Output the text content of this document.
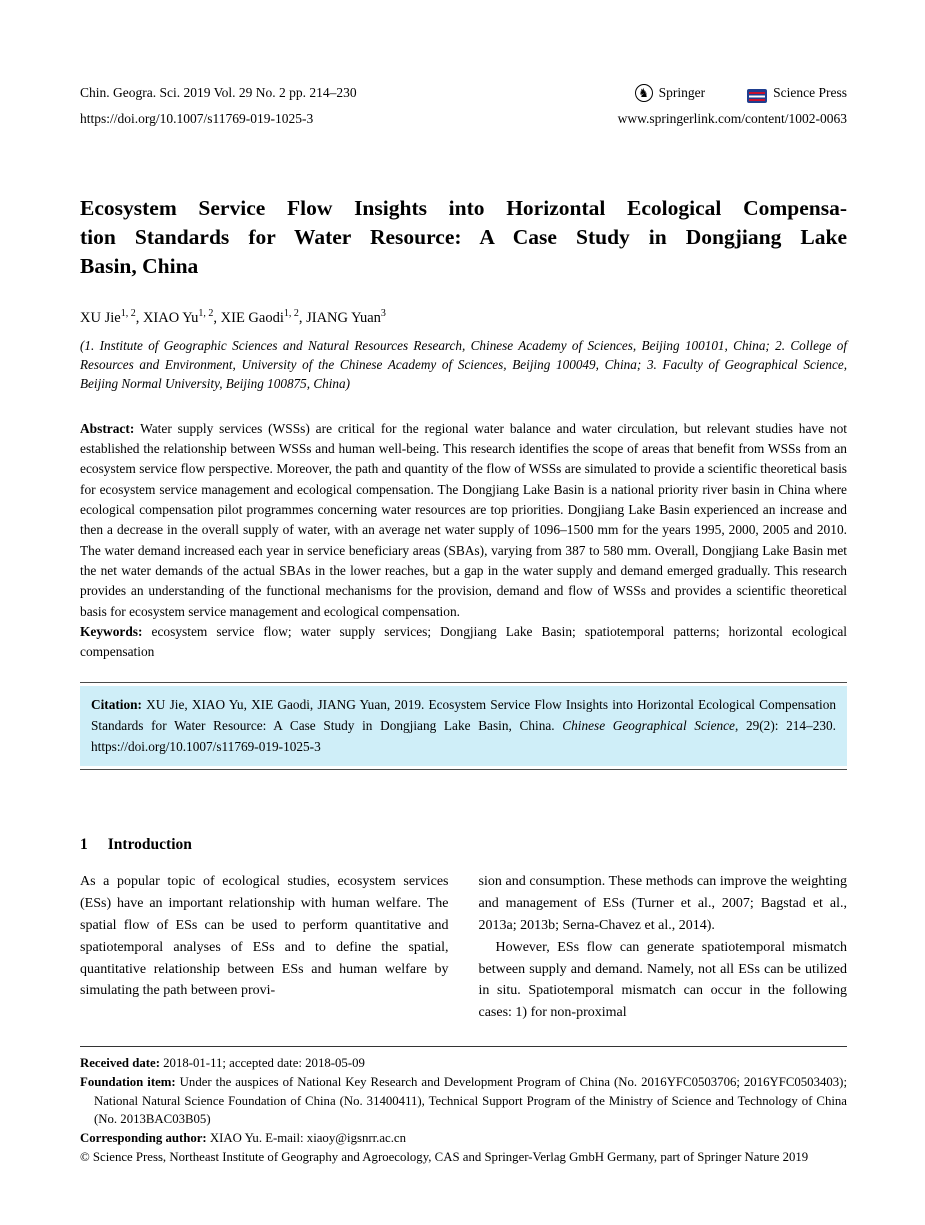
Chin. Geogra. Sci. 2019 Vol. 29 No. 2 pp. 214–230
https://doi.org/10.1007/s11769-019-1025-3
♞ Springer	Science Press
www.springerlink.com/content/1002-0063
Ecosystem Service Flow Insights into Horizontal Ecological Compensa-
tion Standards for Water Resource: A Case Study in Dongjiang Lake
Basin, China
XU Jie$^{1, 2}$, XIAO Yu$^{1, 2}$, XIE Gaodi$^{1, 2}$, JIANG Yuan$^3$
(1. Institute of Geographic Sciences and Natural Resources Research, Chinese Academy of Sciences, Beijing 100101, China; 2. College of Resources and Environment, University of the Chinese Academy of Sciences, Beijing 100049, China; 3. Faculty of Geographical Science, Beijing Normal University, Beijing 100875, China)
Abstract: Water supply services (WSSs) are critical for the regional water balance and water circulation, but relevant studies have not established the relationship between WSSs and human well-being. This research identifies the scope of areas that benefit from WSSs from an ecosystem service flow perspective. Moreover, the path and quantity of the flow of WSSs are simulated to provide a scientific theoretical basis for ecosystem service management and ecological compensation. The Dongjiang Lake Basin is a national priority river basin in China where ecological compensation pilot programmes concerning water resources are top priorities. Dongjiang Lake Basin experienced an increase and then a decrease in the overall supply of water, with an average net water supply of 1096–1500 mm for the years 1995, 2000, 2005 and 2010. The water demand increased each year in service beneficiary areas (SBAs), varying from 387 to 580 mm. Overall, Dongjiang Lake Basin met the net water demands of the actual SBAs in the lower reaches, but a gap in the water supply and demand emerged gradually. This research provides an understanding of the functional mechanisms for the provision, demand and flow of WSSs and provides a scientific theoretical basis for ecosystem service management and ecological compensation.
Keywords: ecosystem service flow; water supply services; Dongjiang Lake Basin; spatiotemporal patterns; horizontal ecological compensation
Citation: XU Jie, XIAO Yu, XIE Gaodi, JIANG Yuan, 2019. Ecosystem Service Flow Insights into Horizontal Ecological Compensation Standards for Water Resource: A Case Study in Dongjiang Lake Basin, China. Chinese Geographical Science, 29(2): 214–230. https://doi.org/10.1007/s11769-019-1025-3
1 Introduction

As a popular topic of ecological studies, ecosystem services (ESs) have an important relationship with human welfare. The spatial flow of ESs can be used to perform quantitative and spatiotemporal analyses of ESs and to define the spatial, quantitative relationship between ESs and human welfare by simulating the path between provi-

sion and consumption. These methods can improve the weighting and management of ESs (Turner et al., 2007; Bagstad et al., 2013a; 2013b; Serna-Chavez et al., 2014).

However, ESs flow can generate spatiotemporal mismatch between supply and demand. Namely, not all ESs can be utilized in situ. Spatiotemporal mismatch can occur in the following cases: 1) for non-proximal

Received date: 2018-01-11; accepted date: 2018-05-09
Foundation item: Under the auspices of National Key Research and Development Program of China (No. 2016YFC0503706; 2016YFC0503403); National Natural Science Foundation of China (No. 31400411), Technical Support Program of the Ministry of Science and Technology of China (No. 2013BAC03B05)
Corresponding author: XIAO Yu. E-mail: xiaoy@igsnrr.ac.cn
© Science Press, Northeast Institute of Geography and Agroecology, CAS and Springer-Verlag GmbH Germany, part of Springer Nature 2019
